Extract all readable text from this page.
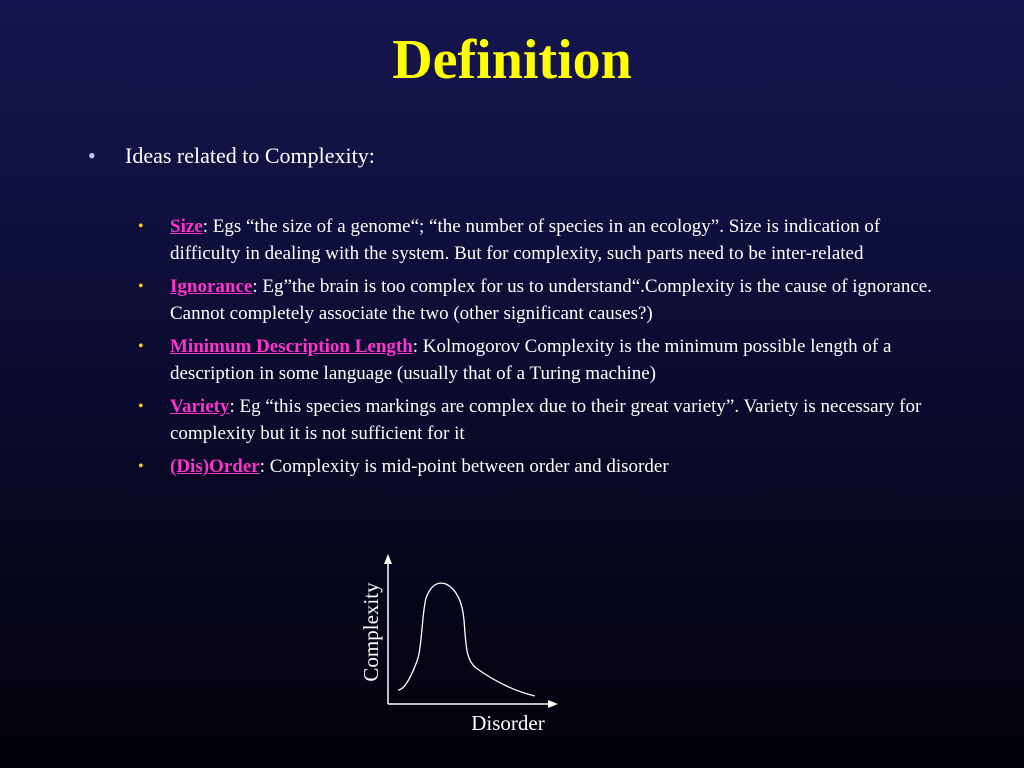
Definition
•	Ideas related to Complexity:
•	Size: Egs “the size of a genome“; “the number of species in an ecology”. Size is indication of difficulty in dealing with the system. But for complexity, such parts need to be inter-related
•	Ignorance: Eg”the brain is too complex for us to understand“.Complexity is the cause of ignorance. Cannot completely associate the two (other significant causes?)
•	Minimum Description Length: Kolmogorov Complexity is the minimum possible length of a description in some language (usually that of a Turing machine)
•	Variety: Eg “this species markings are complex due to their great variety”. Variety is necessary for complexity but it is not sufficient for it
•	(Dis)Order: Complexity is mid-point between order and disorder
Complexity
Disorder
